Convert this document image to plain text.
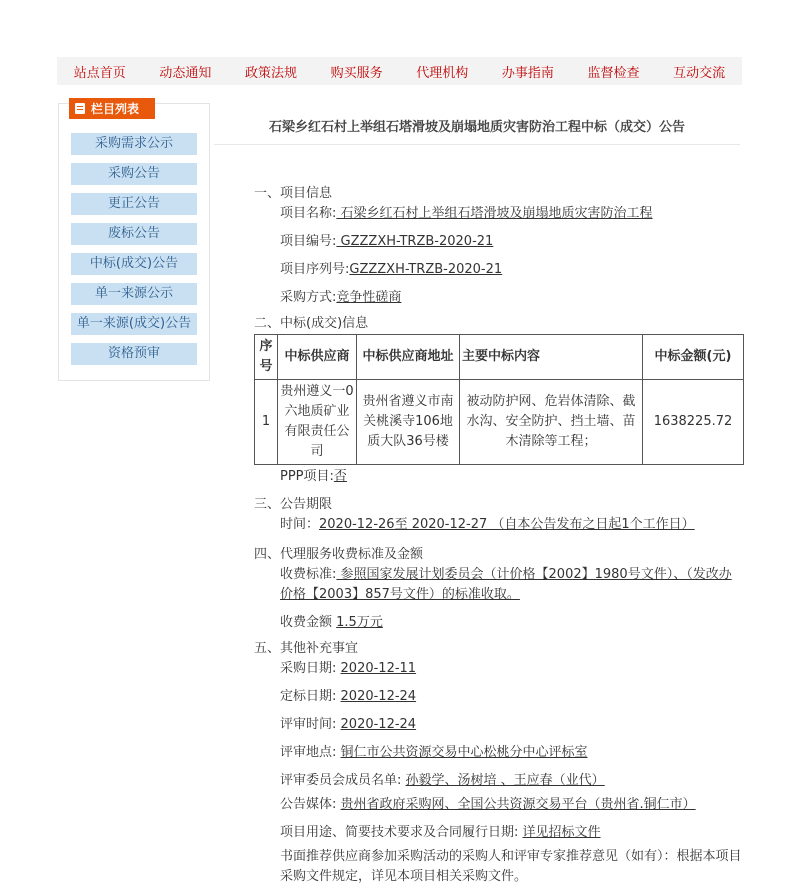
站点首页	动态通知	政策法规	购买服务	代理机构	办事指南	监督检查	互动交流
栏目列表
采购需求公示
采购公告
更正公告
废标公告
中标(成交)公告
单一来源公示
单一来源(成交)公告
资格预审
石梁乡红石村上举组石塔滑坡及崩塌地质灾害防治工程中标（成交）公告
一、项目信息
项目名称: 石梁乡红石村上举组石塔滑坡及崩塌地质灾害防治工程
项目编号: GZZZXH-TRZB-2020-21
项目序列号:GZZZXH-TRZB-2020-21
采购方式:竞争性磋商
二、中标(成交)信息
序号	中标供应商	中标供应商地址	主要中标内容	中标金额(元)
1	贵州遵义一0六地质矿业有限责任公司	贵州省遵义市南关桃溪寺106地质大队36号楼	被动防护网、危岩体清除、截水沟、安全防护、挡土墙、苗木清除等工程；	1638225.72
PPP项目:否
三、公告期限
时间：2020-12-26至 2020-12-27 （自本公告发布之日起1个工作日）
四、代理服务收费标准及金额
收费标准: 参照国家发展计划委员会（计价格【2002】1980号文件）、（发改办价格【2003】857号文件）的标准收取。
收费金额 1.5万元
五、其他补充事宜
采购日期: 2020-12-11
定标日期: 2020-12-24
评审时间: 2020-12-24
评审地点: 铜仁市公共资源交易中心松桃分中心评标室
评审委员会成员名单: 孙毅学、汤树培 、王应春（业代）
公告媒体: 贵州省政府采购网、全国公共资源交易平台（贵州省.铜仁市）
项目用途、简要技术要求及合同履行日期: 详见招标文件
书面推荐供应商参加采购活动的采购人和评审专家推荐意见（如有）：根据本项目采购文件规定，详见本项目相关采购文件。
